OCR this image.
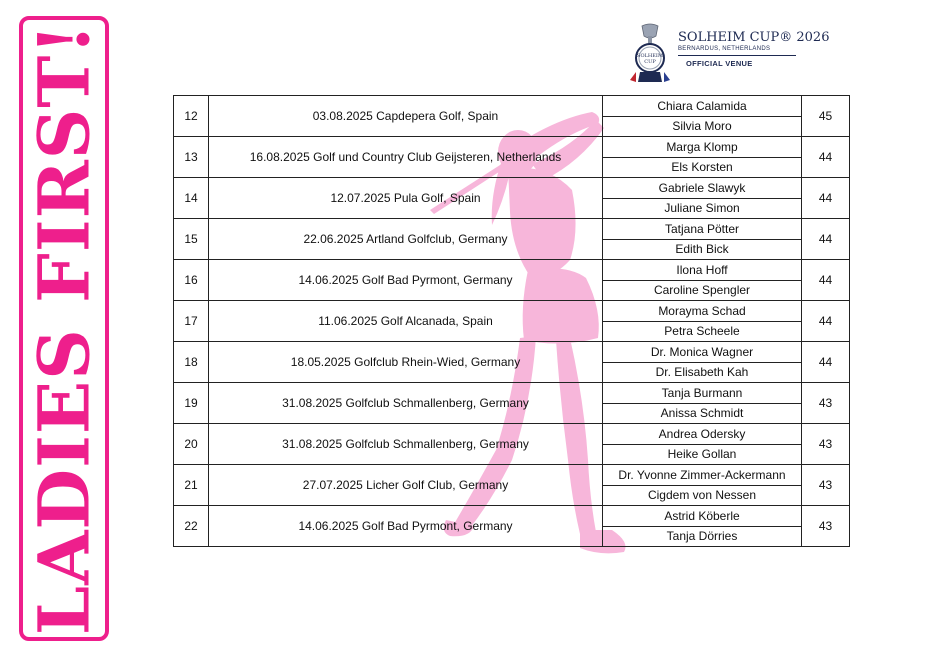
LADIES FIRST!	SOLHEIM
CUP
SOLHEIM CUP® 2026
BERNARDUS, NETHERLANDS
OFFICIAL VENUE
12	03.08.2025 Capdepera Golf, Spain	Chiara Calamida	45
		Silvia Moro	
13	16.08.2025 Golf und Country Club Geijsteren, Netherlands	Marga Klomp	44
		Els Korsten	
14	12.07.2025 Pula Golf, Spain	Gabriele Slawyk	44
		Juliane Simon	
15	22.06.2025 Artland Golfclub, Germany	Tatjana Pötter	44
		Edith Bick	
16	14.06.2025 Golf Bad Pyrmont, Germany	Ilona Hoff	44
		Caroline Spengler	
17	11.06.2025 Golf Alcanada, Spain	Morayma Schad	44
		Petra Scheele	
18	18.05.2025 Golfclub Rhein-Wied, Germany	Dr. Monica Wagner	44
		Dr. Elisabeth Kah	
19	31.08.2025 Golfclub Schmallenberg, Germany	Tanja Burmann	43
		Anissa Schmidt	
20	31.08.2025 Golfclub Schmallenberg, Germany	Andrea Odersky	43
		Heike Gollan	
21	27.07.2025 Licher Golf Club, Germany	Dr. Yvonne Zimmer-Ackermann	43
		Cigdem von Nessen	
22	14.06.2025 Golf Bad Pyrmont, Germany	Astrid Köberle	43
		Tanja Dörries	
